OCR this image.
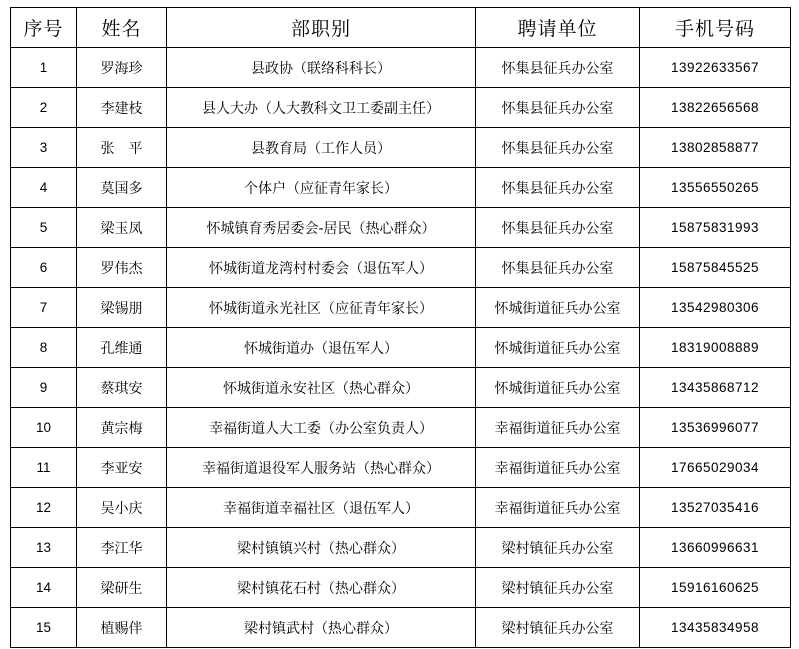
序号	姓名	部职别	聘请单位	手机号码
1	罗海珍	县政协（联络科科长）	怀集县征兵办公室	13922633567
2	李建枝	县人大办（人大教科文卫工委副主任）	怀集县征兵办公室	13822656568
3	张　平	县教育局（工作人员）	怀集县征兵办公室	13802858877
4	莫国多	个体户（应征青年家长）	怀集县征兵办公室	13556550265
5	梁玉凤	怀城镇育秀居委会-居民（热心群众）	怀集县征兵办公室	15875831993
6	罗伟杰	怀城街道龙湾村村委会（退伍军人）	怀集县征兵办公室	15875845525
7	梁锡朋	怀城街道永光社区（应征青年家长）	怀城街道征兵办公室	13542980306
8	孔维通	怀城街道办（退伍军人）	怀城街道征兵办公室	18319008889
9	蔡琪安	怀城街道永安社区（热心群众）	怀城街道征兵办公室	13435868712
10	黄宗梅	幸福街道人大工委（办公室负责人）	幸福街道征兵办公室	13536996077
11	李亚安	幸福街道退役军人服务站（热心群众）	幸福街道征兵办公室	17665029034
12	吴小庆	幸福街道幸福社区（退伍军人）	幸福街道征兵办公室	13527035416
13	李江华	梁村镇镇兴村（热心群众）	梁村镇征兵办公室	13660996631
14	梁研生	梁村镇花石村（热心群众）	梁村镇征兵办公室	15916160625
15	植赐伴	梁村镇武村（热心群众）	梁村镇征兵办公室	13435834958
